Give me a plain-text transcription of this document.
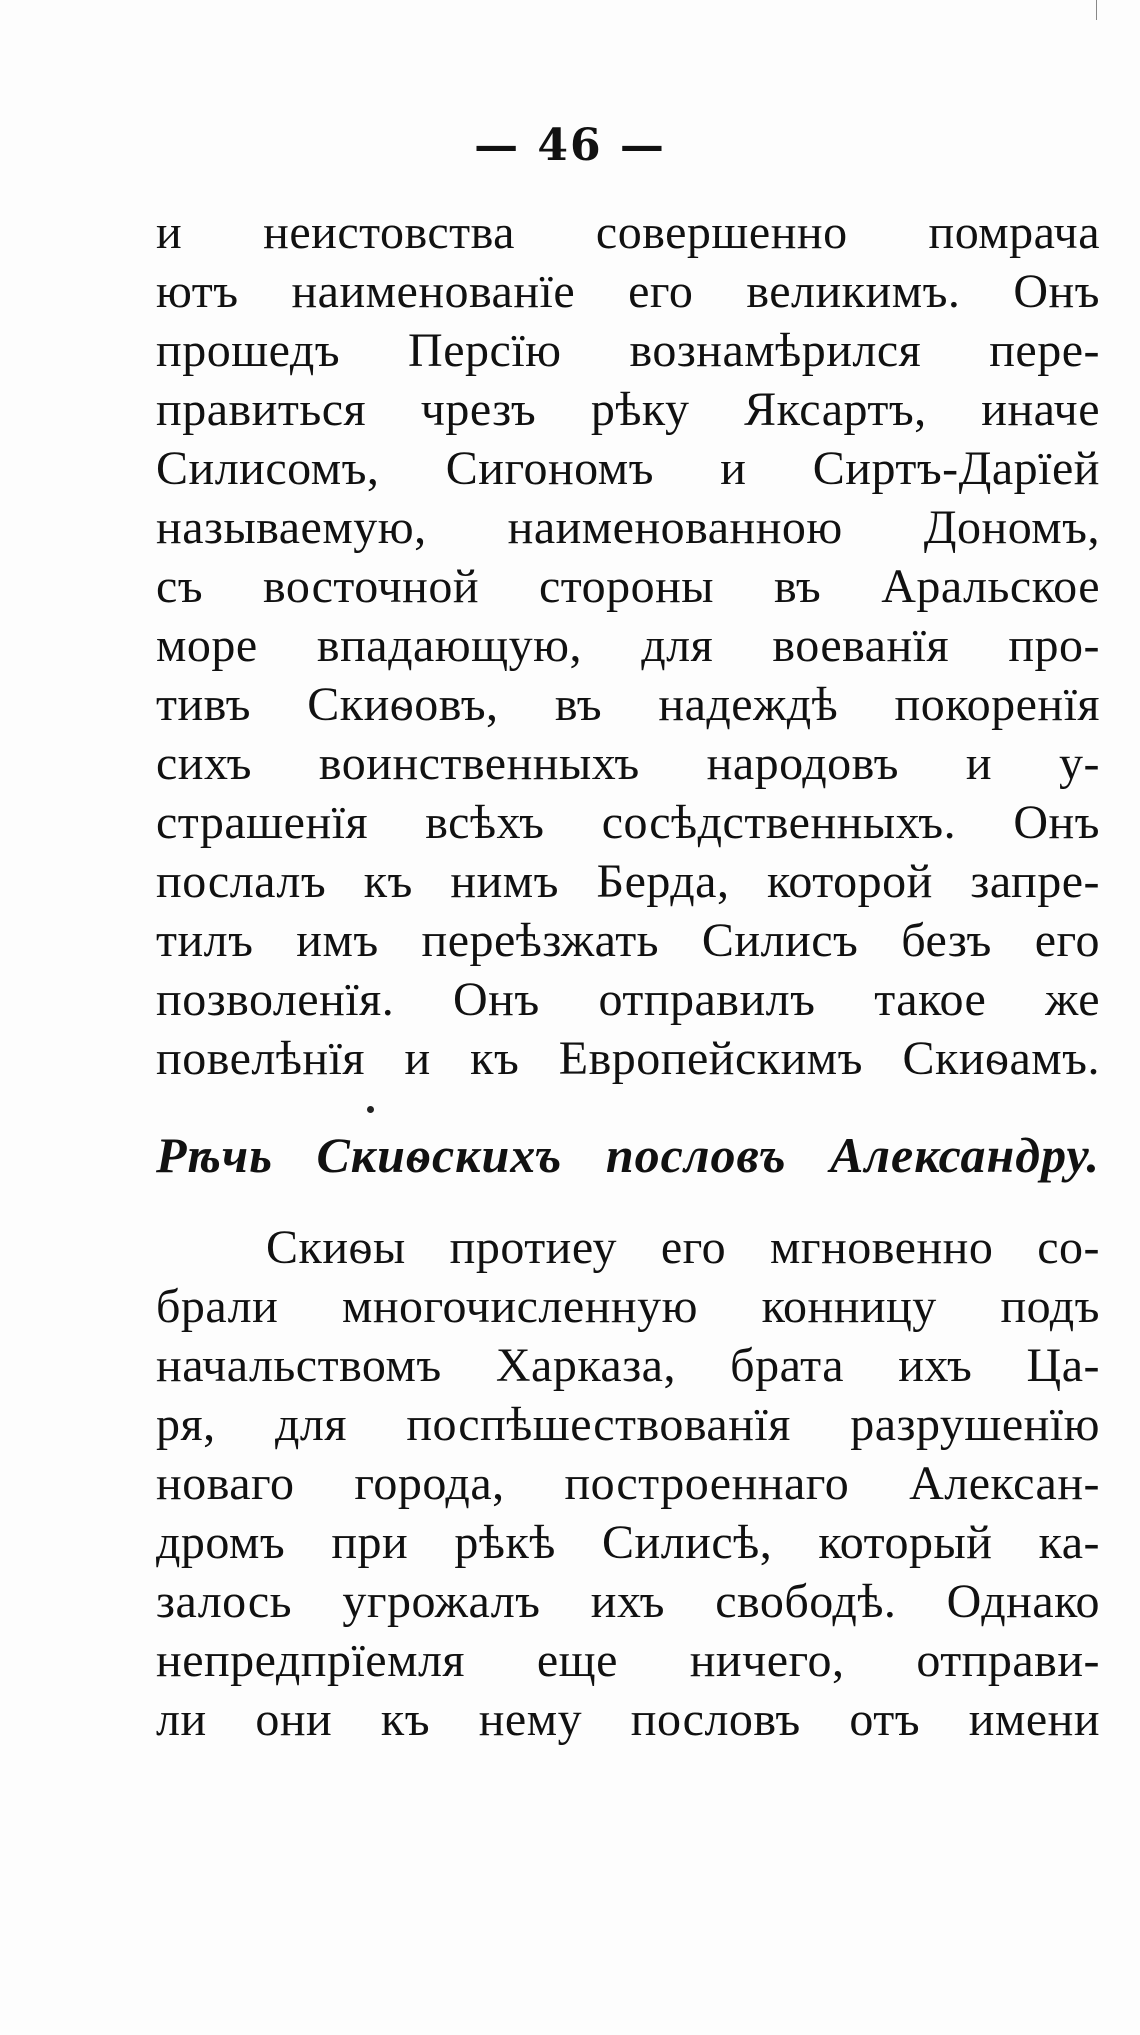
— 46 —
и неистовства совершенно помрача
ютъ наименованїе его великимъ. Онъ
прошедъ Персїю вознамѣрился пере-
правиться чрезъ рѣку Яксартъ, иначе
Силисомъ, Сигономъ и Сиртъ-Дарїей
называемую, наименованною Дономъ,
съ восточной стороны въ Аральское
море впадающую, для воеванїя про-
тивъ Скиѳовъ, въ надеждѣ покоренїя
сихъ воинственныхъ народовъ и у-
страшенїя всѣхъ сосѣдственныхъ. Онъ
послалъ къ нимъ Берда, которой запре-
тилъ имъ переѣзжать Силисъ безъ его
позволенїя. Онъ отправилъ такое же
повелѣнїя и къ Европейскимъ Скиѳамъ.
Рѣчь Скиѳскихъ пословъ Александру.
Скиѳы протиеу его мгновенно со-
брали многочисленную конницу подъ
начальствомъ Харказа, брата ихъ Ца-
ря, для поспѣшествованїя разрушенїю
новаго города, построеннаго Алексан-
дромъ при рѣкѣ Силисѣ, который ка-
залось угрожалъ ихъ свободѣ. Однако
непредпрїемля еще ничего, отправи-
ли они къ нему пословъ отъ имени
